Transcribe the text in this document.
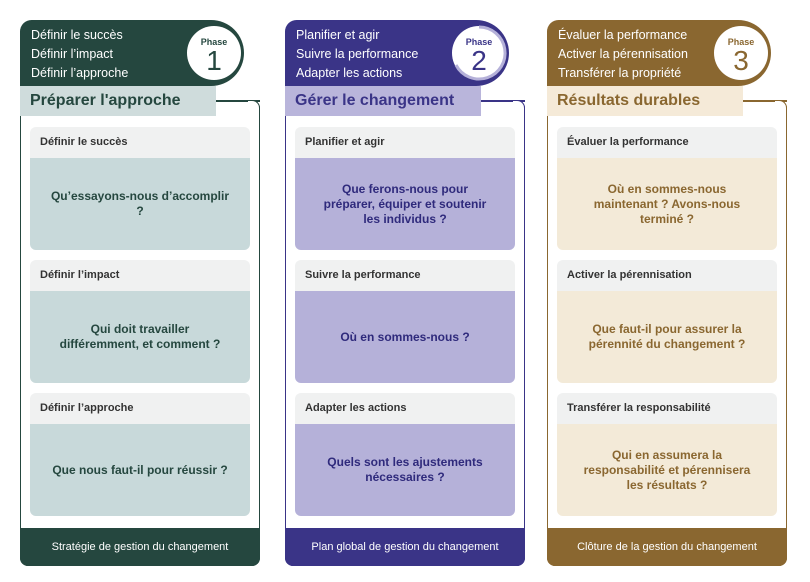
Définir le succès
Définir l’impact
Définir l’approche
Phase
1
Préparer l'approche
Définir le succès
Qu’essayons-nous d’accomplir ?
Définir l’impact
Qui doit travailler différemment, et comment ?
Définir l’approche
Que nous faut-il pour réussir ?
Stratégie de gestion du changement
Planifier et agir
Suivre la performance
Adapter les actions
Phase
2
Gérer le changement
Planifier et agir
Que ferons-nous pour préparer, équiper et soutenir les individus ?
Suivre la performance
Où en sommes-nous ?
Adapter les actions
Quels sont les ajustements nécessaires ?
Plan global de gestion du changement
Évaluer la performance
Activer la pérennisation
Transférer la propriété
Phase
3
Résultats durables
Évaluer la performance
Où en sommes-nous maintenant ? Avons-nous terminé ?
Activer la pérennisation
Que faut-il pour assurer la pérennité du changement ?
Transférer la responsabilité
Qui en assumera la responsabilité et pérennisera les résultats ?
Clôture de la gestion du changement
